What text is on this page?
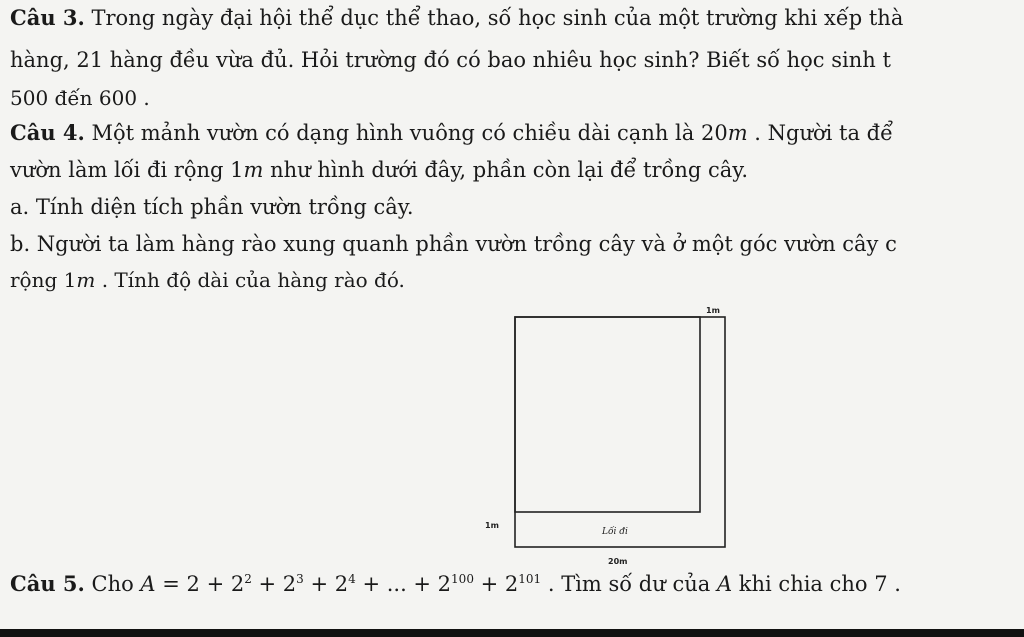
Câu 3. Trong ngày đại hội thể dục thể thao, số học sinh của một trường khi xếp thà
hàng, 21 hàng đều vừa đủ. Hỏi trường đó có bao nhiêu học sinh? Biết số học sinh t
500 đến 600 .
Câu 4. Một mảnh vườn có dạng hình vuông có chiều dài cạnh là 20m . Người ta để
vườn làm lối đi rộng 1m như hình dưới đây, phần còn lại để trồng cây.
a. Tính diện tích phần vườn trồng cây.
b. Người ta làm hàng rào xung quanh phần vườn trồng cây và ở một góc vườn cây c
rộng 1m . Tính độ dài của hàng rào đó.
1m
1m
Lối đi
20m
Câu 5. Cho $A = 2 + 2^2 + 2^3 + 2^4$ + ... + $2^{100} + 2^{101}$ . Tìm số dư của A khi chia cho 7 .
